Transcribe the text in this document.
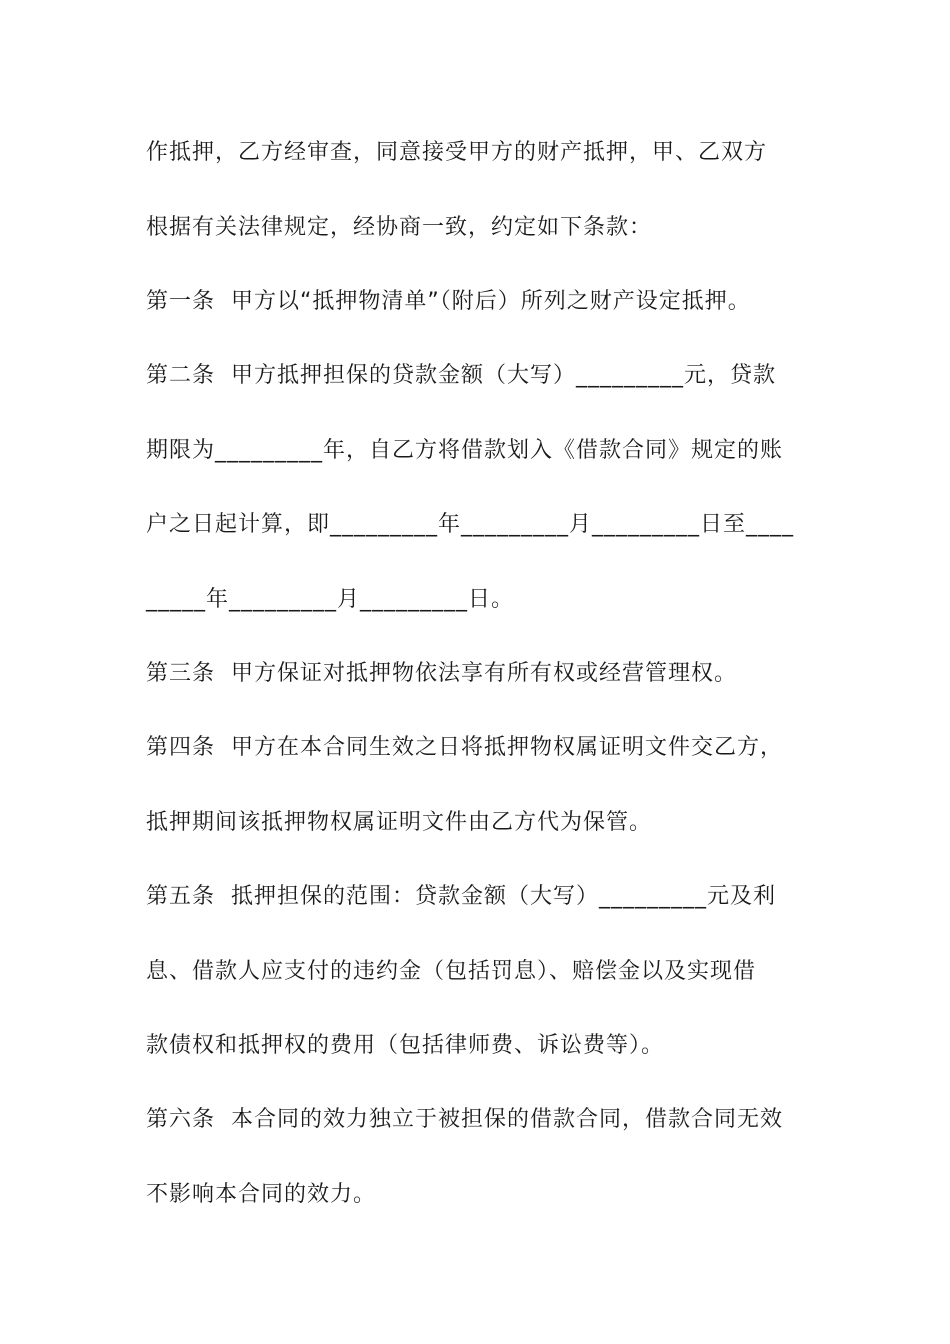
作抵押，乙方经审查，同意接受甲方的财产抵押，甲、乙双方
根据有关法律规定，经协商一致，约定如下条款：
第一条  甲方以“抵押物清单”（附后）所列之财产设定抵押。
第二条  甲方抵押担保的贷款金额（大写）_________元，贷款
期限为_________年，自乙方将借款划入《借款合同》规定的账
户之日起计算，即_________年_________月_________日至____
_____年_________月_________日。
第三条  甲方保证对抵押物依法享有所有权或经营管理权。
第四条  甲方在本合同生效之日将抵押物权属证明文件交乙方，
抵押期间该抵押物权属证明文件由乙方代为保管。
第五条  抵押担保的范围：贷款金额（大写）_________元及利
息、借款人应支付的违约金（包括罚息）、赔偿金以及实现借
款债权和抵押权的费用（包括律师费、诉讼费等）。
第六条  本合同的效力独立于被担保的借款合同，借款合同无效
不影响本合同的效力。
